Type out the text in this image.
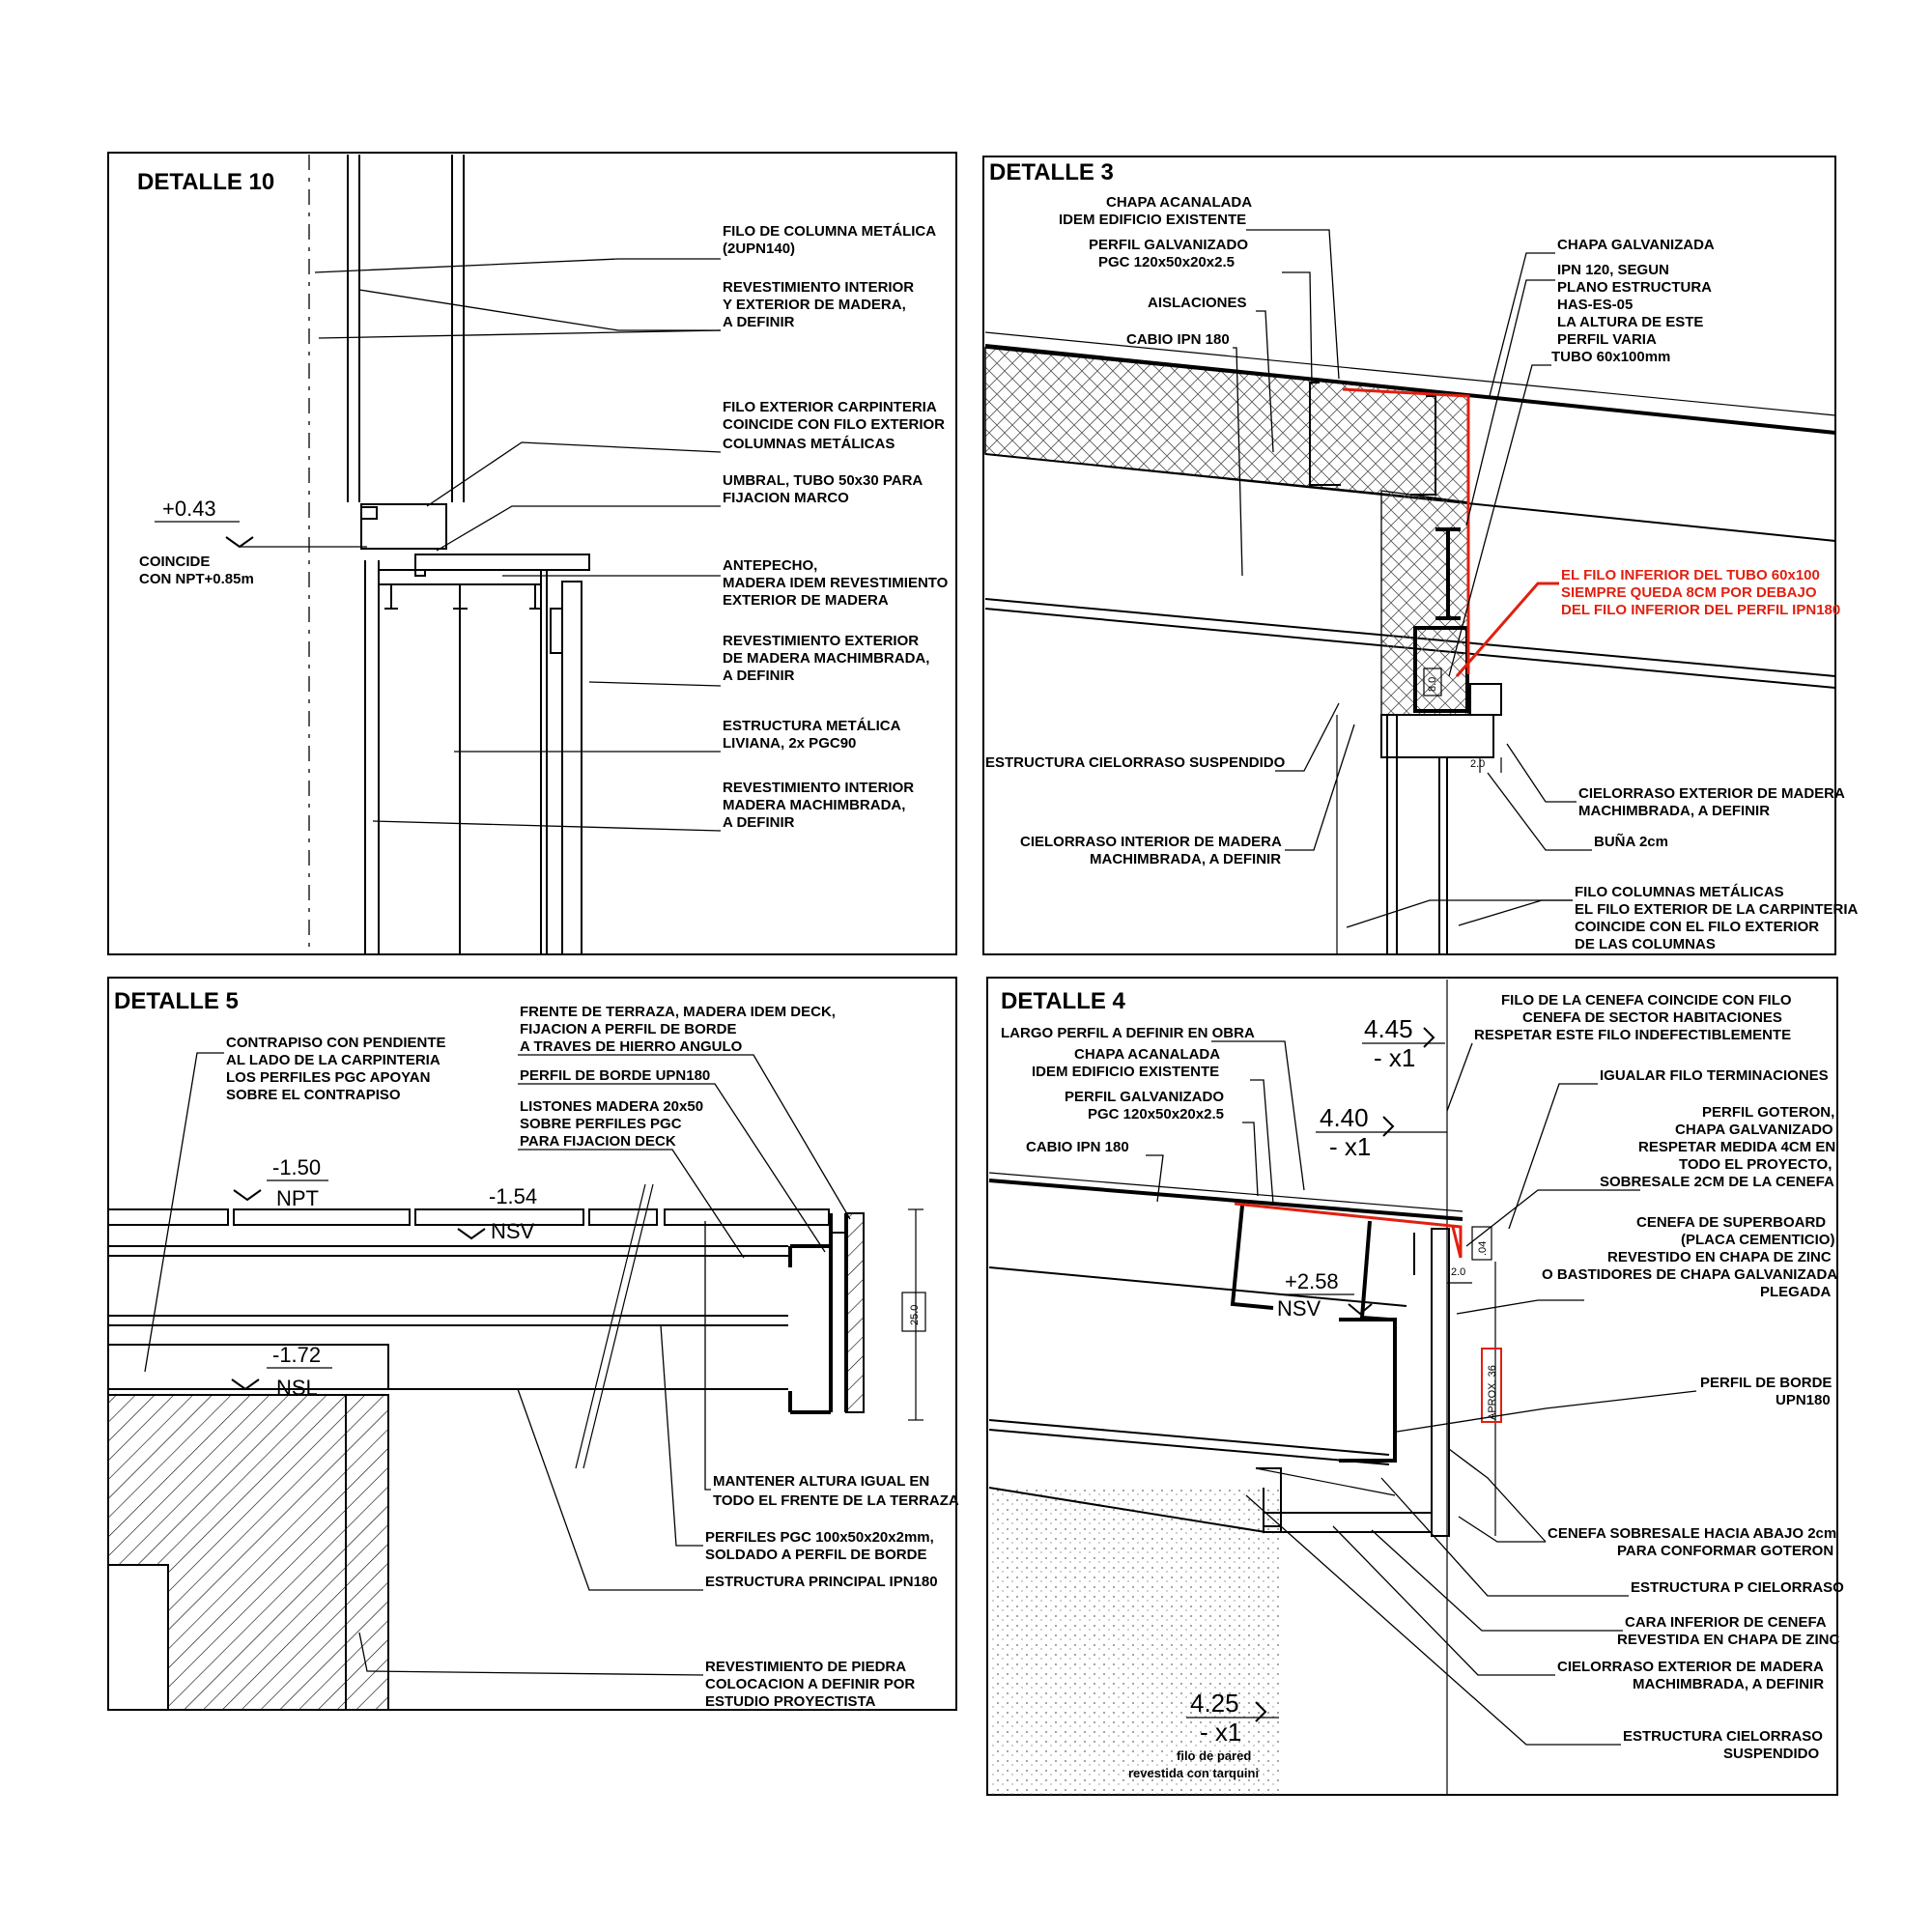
DETALLE 10
+0.43
COINCIDE
CON NPT+0.85m
FILO DE COLUMNA METÁLICA
(2UPN140)
REVESTIMIENTO INTERIOR
Y EXTERIOR DE MADERA,
A DEFINIR
FILO EXTERIOR CARPINTERIA
COINCIDE CON FILO EXTERIOR
COLUMNAS METÁLICAS
UMBRAL, TUBO 50x30 PARA
FIJACION MARCO
ANTEPECHO,
MADERA IDEM REVESTIMIENTO
EXTERIOR DE MADERA
REVESTIMIENTO EXTERIOR
DE MADERA MACHIMBRADA,
A DEFINIR
ESTRUCTURA METÁLICA
LIVIANA, 2x PGC90
REVESTIMIENTO INTERIOR
MADERA MACHIMBRADA,
A DEFINIR
DETALLE 3
8.0
2.0
CHAPA ACANALADA
IDEM EDIFICIO EXISTENTE
PERFIL GALVANIZADO
PGC 120x50x20x2.5
AISLACIONES
CABIO IPN 180
CHAPA GALVANIZADA
IPN 120, SEGUN
PLANO ESTRUCTURA
HAS-ES-05
LA ALTURA DE ESTE
PERFIL VARIA
TUBO 60x100mm
ESTRUCTURA CIELORRASO SUSPENDIDO
CIELORRASO INTERIOR DE MADERA
MACHIMBRADA, A DEFINIR
CIELORRASO EXTERIOR DE MADERA
MACHIMBRADA, A DEFINIR
BUÑA 2cm
FILO COLUMNAS METÁLICAS
EL FILO EXTERIOR DE LA CARPINTERIA
COINCIDE CON EL FILO EXTERIOR
DE LAS COLUMNAS
EL FILO INFERIOR DEL TUBO 60x100
SIEMPRE QUEDA 8CM POR DEBAJO
DEL FILO INFERIOR DEL PERFIL IPN180
DETALLE 5
25.0
-1.50
NPT	-1.54
NSV
-1.72
NSL
CONTRAPISO CON PENDIENTE
AL LADO DE LA CARPINTERIA
LOS PERFILES PGC APOYAN
SOBRE EL CONTRAPISO
FRENTE DE TERRAZA, MADERA IDEM DECK,
FIJACION A PERFIL DE BORDE
A TRAVES DE HIERRO ANGULO
PERFIL DE BORDE UPN180
LISTONES MADERA 20x50
SOBRE PERFILES PGC
PARA FIJACION DECK
MANTENER ALTURA IGUAL EN
TODO EL FRENTE DE LA TERRAZA
PERFILES PGC 100x50x20x2mm,
SOLDADO A PERFIL DE BORDE
ESTRUCTURA PRINCIPAL IPN180
REVESTIMIENTO DE PIEDRA
COLOCACION A DEFINIR POR
ESTUDIO PROYECTISTA
DETALLE 4
.04
2.0
APROX. 36
4.45
- x1
4.40
- x1
+2.58
NSV
4.25
- x1
filo de pared
revestida con tarquini
LARGO PERFIL A DEFINIR EN OBRA
CHAPA ACANALADA
IDEM EDIFICIO EXISTENTE
PERFIL GALVANIZADO
PGC 120x50x20x2.5
CABIO IPN 180
FILO DE LA CENEFA COINCIDE CON FILO
CENEFA DE SECTOR HABITACIONES
RESPETAR ESTE FILO INDEFECTIBLEMENTE
IGUALAR FILO TERMINACIONES
PERFIL GOTERON,
CHAPA GALVANIZADO
RESPETAR MEDIDA 4CM EN
TODO EL PROYECTO,
SOBRESALE 2CM DE LA CENEFA
CENEFA DE SUPERBOARD
(PLACA CEMENTICIO)
REVESTIDO EN CHAPA DE ZINC
O BASTIDORES DE CHAPA GALVANIZADA
PLEGADA
PERFIL DE BORDE
UPN180
CENEFA SOBRESALE HACIA ABAJO 2cm
PARA CONFORMAR GOTERON
ESTRUCTURA P CIELORRASO
CARA INFERIOR DE CENEFA
REVESTIDA EN CHAPA DE ZINC
CIELORRASO EXTERIOR DE MADERA
MACHIMBRADA, A DEFINIR
ESTRUCTURA CIELORRASO
SUSPENDIDO
